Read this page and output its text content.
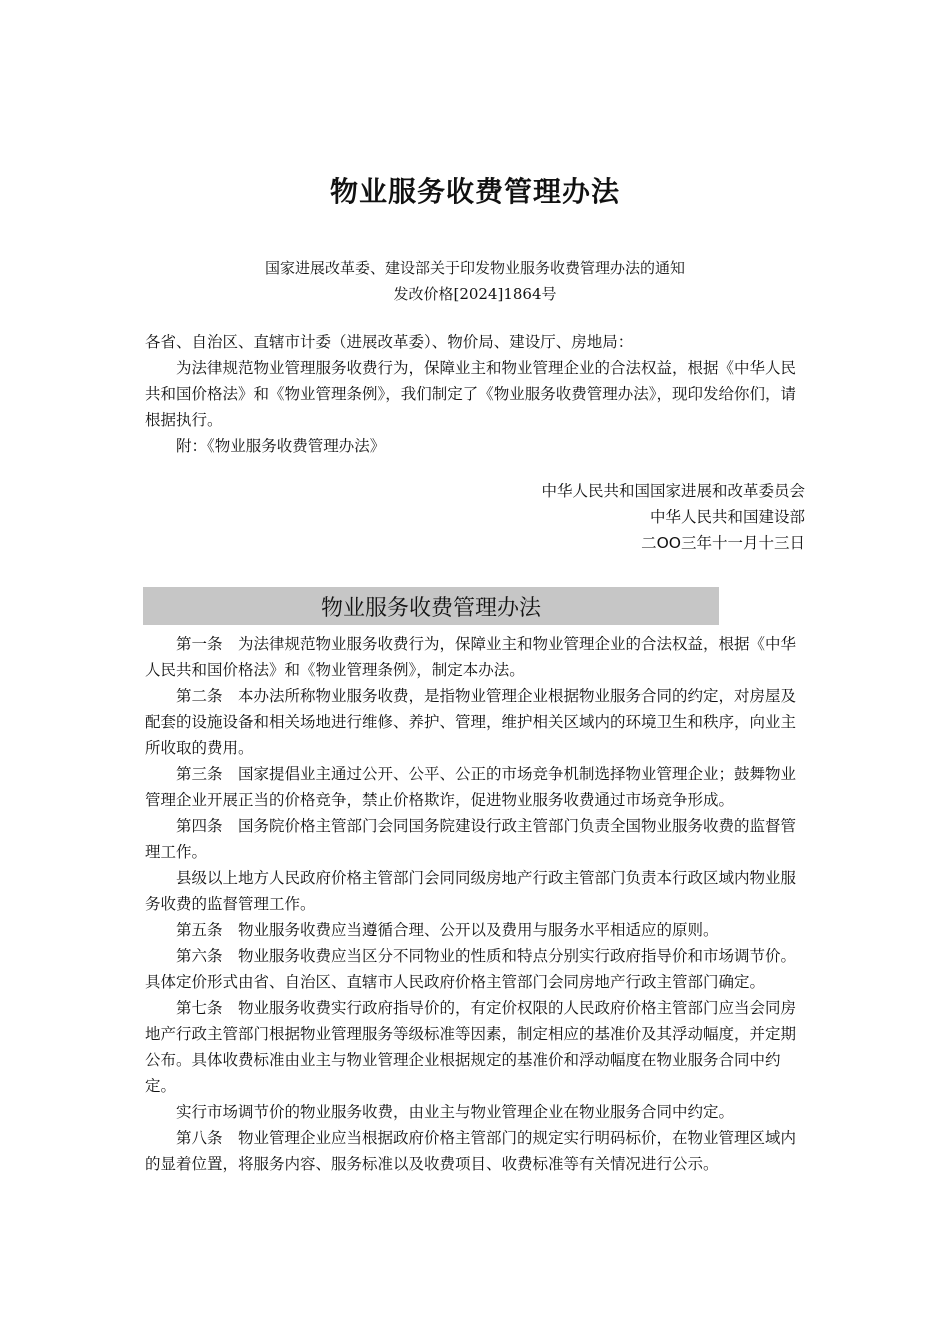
物业服务收费管理办法
国家进展改革委、建设部关于印发物业服务收费管理办法的通知
发改价格[2024]1864号

各省、自治区、直辖市计委（进展改革委）、物价局、建设厅、房地局：

为法律规范物业管理服务收费行为，保障业主和物业管理企业的合法权益，根据《中华人民共和国价格法》和《物业管理条例》，我们制定了《物业服务收费管理办法》，现印发给你们，请根据执行。

附：《物业服务收费管理办法》

中华人民共和国国家进展和改革委员会
中华人民共和国建设部
二OO三年十一月十三日
物业服务收费管理办法

第一条　为法律规范物业服务收费行为，保障业主和物业管理企业的合法权益，根据《中华人民共和国价格法》和《物业管理条例》，制定本办法。

第二条　本办法所称物业服务收费，是指物业管理企业根据物业服务合同的约定，对房屋及配套的设施设备和相关场地进行维修、养护、管理，维护相关区域内的环境卫生和秩序，向业主所收取的费用。

第三条　国家提倡业主通过公开、公平、公正的市场竞争机制选择物业管理企业；鼓舞物业管理企业开展正当的价格竞争，禁止价格欺诈，促进物业服务收费通过市场竞争形成。

第四条　国务院价格主管部门会同国务院建设行政主管部门负责全国物业服务收费的监督管理工作。

县级以上地方人民政府价格主管部门会同同级房地产行政主管部门负责本行政区域内物业服务收费的监督管理工作。

第五条　物业服务收费应当遵循合理、公开以及费用与服务水平相适应的原则。

第六条　物业服务收费应当区分不同物业的性质和特点分别实行政府指导价和市场调节价。具体定价形式由省、自治区、直辖市人民政府价格主管部门会同房地产行政主管部门确定。

第七条　物业服务收费实行政府指导价的，有定价权限的人民政府价格主管部门应当会同房地产行政主管部门根据物业管理服务等级标准等因素，制定相应的基准价及其浮动幅度，并定期公布。具体收费标准由业主与物业管理企业根据规定的基准价和浮动幅度在物业服务合同中约定。

实行市场调节价的物业服务收费，由业主与物业管理企业在物业服务合同中约定。

第八条　物业管理企业应当根据政府价格主管部门的规定实行明码标价，在物业管理区域内的显着位置，将服务内容、服务标准以及收费项目、收费标准等有关情况进行公示。
